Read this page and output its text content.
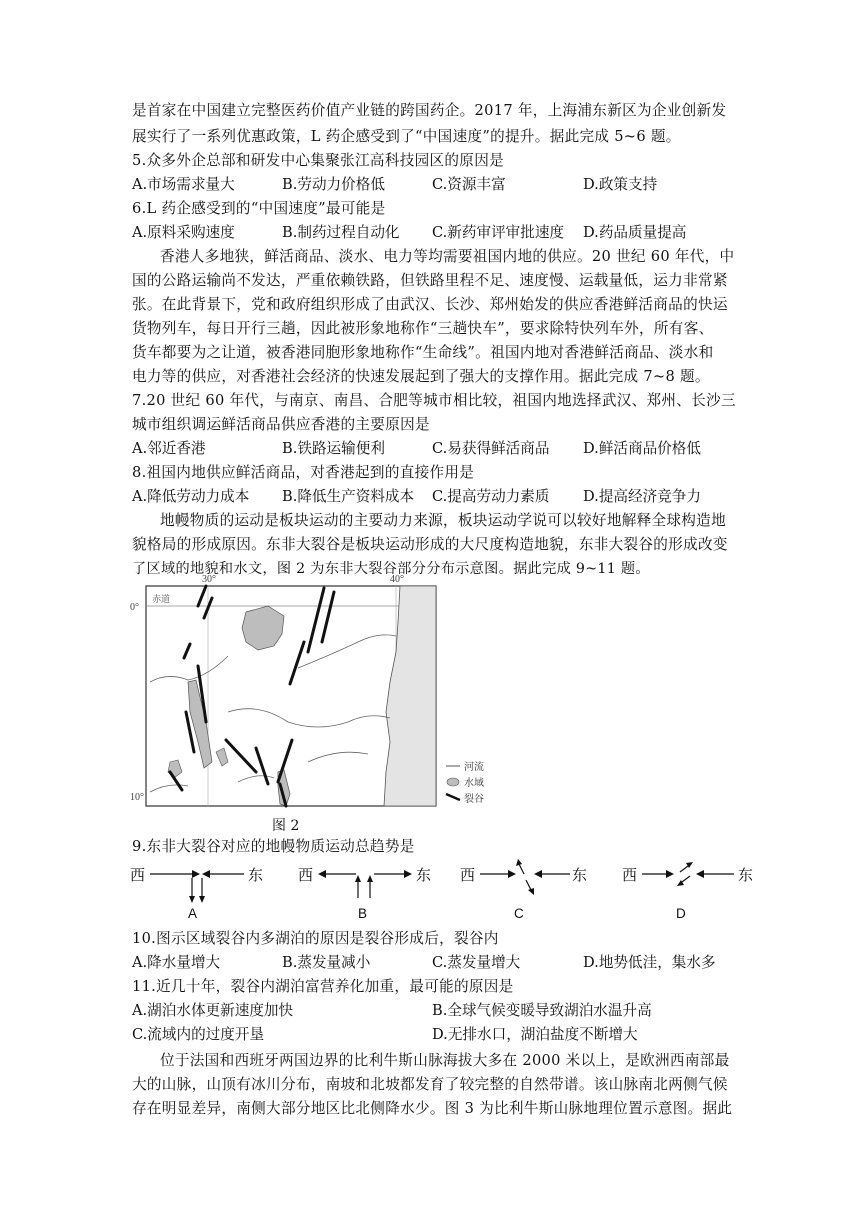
是首家在中国建立完整医药价值产业链的跨国药企。2017 年，上海浦东新区为企业创新发
展实行了一系列优惠政策，L 药企感受到了“中国速度”的提升。据此完成 5~6 题。
5.众多外企总部和研发中心集聚张江高科技园区的原因是
A.市场需求量大	B.劳动力价格低	C.资源丰富	D.政策支持
6.L 药企感受到的“中国速度”最可能是
A.原料采购速度	B.制药过程自动化 C.新药审评审批速度 D.药品质量提高
香港人多地狭，鲜活商品、淡水、电力等均需要祖国内地的供应。20 世纪 60 年代，中
国的公路运输尚不发达，严重依赖铁路，但铁路里程不足、速度慢、运载量低，运力非常紧
张。在此背景下，党和政府组织形成了由武汉、长沙、郑州始发的供应香港鲜活商品的快运
货物列车，每日开行三趟，因此被形象地称作“三趟快车”，要求除特快列车外，所有客、
货车都要为之让道，被香港同胞形象地称作“生命线”。祖国内地对香港鲜活商品、淡水和
电力等的供应，对香港社会经济的快速发展起到了强大的支撑作用。据此完成 7~8 题。
7.20 世纪 60 年代，与南京、南昌、合肥等城市相比较，祖国内地选择武汉、郑州、长沙三
城市组织调运鲜活商品供应香港的主要原因是
A.邻近香港	B.铁路运输便利	C.易获得鲜活商品 D.鲜活商品价格低
8.祖国内地供应鲜活商品，对香港起到的直接作用是
A.降低劳动力成本 B.降低生产资料成本 C.提高劳动力素质 D.提高经济竞争力
地幔物质的运动是板块运动的主要动力来源，板块运动学说可以较好地解释全球构造地
貌格局的形成原因。东非大裂谷是板块运动形成的大尺度构造地貌，东非大裂谷的形成改变
了区域的地貌和水文，图 2 为东非大裂谷部分分布示意图。据此完成 9~11 题。
30°	40°
0°
10°
赤道
河流
水域
裂谷
图 2
9.东非大裂谷对应的地幔物质运动总趋势是
西	东
A
西	东
B
西	东
C
西	东
D
10.图示区域裂谷内多湖泊的原因是裂谷形成后，裂谷内
A.降水量增大	B.蒸发量减小	C.蒸发量增大	D.地势低洼，集水多
11.近几十年，裂谷内湖泊富营养化加重，最可能的原因是
A.湖泊水体更新速度加快	B.全球气候变暖导致湖泊水温升高
C.流域内的过度开垦	D.无排水口，湖泊盐度不断增大
位于法国和西班牙两国边界的比利牛斯山脉海拔大多在 2000 米以上，是欧洲西南部最
大的山脉，山顶有冰川分布，南坡和北坡都发育了较完整的自然带谱。该山脉南北两侧气候
存在明显差异，南侧大部分地区比北侧降水少。图 3 为比利牛斯山脉地理位置示意图。据此
